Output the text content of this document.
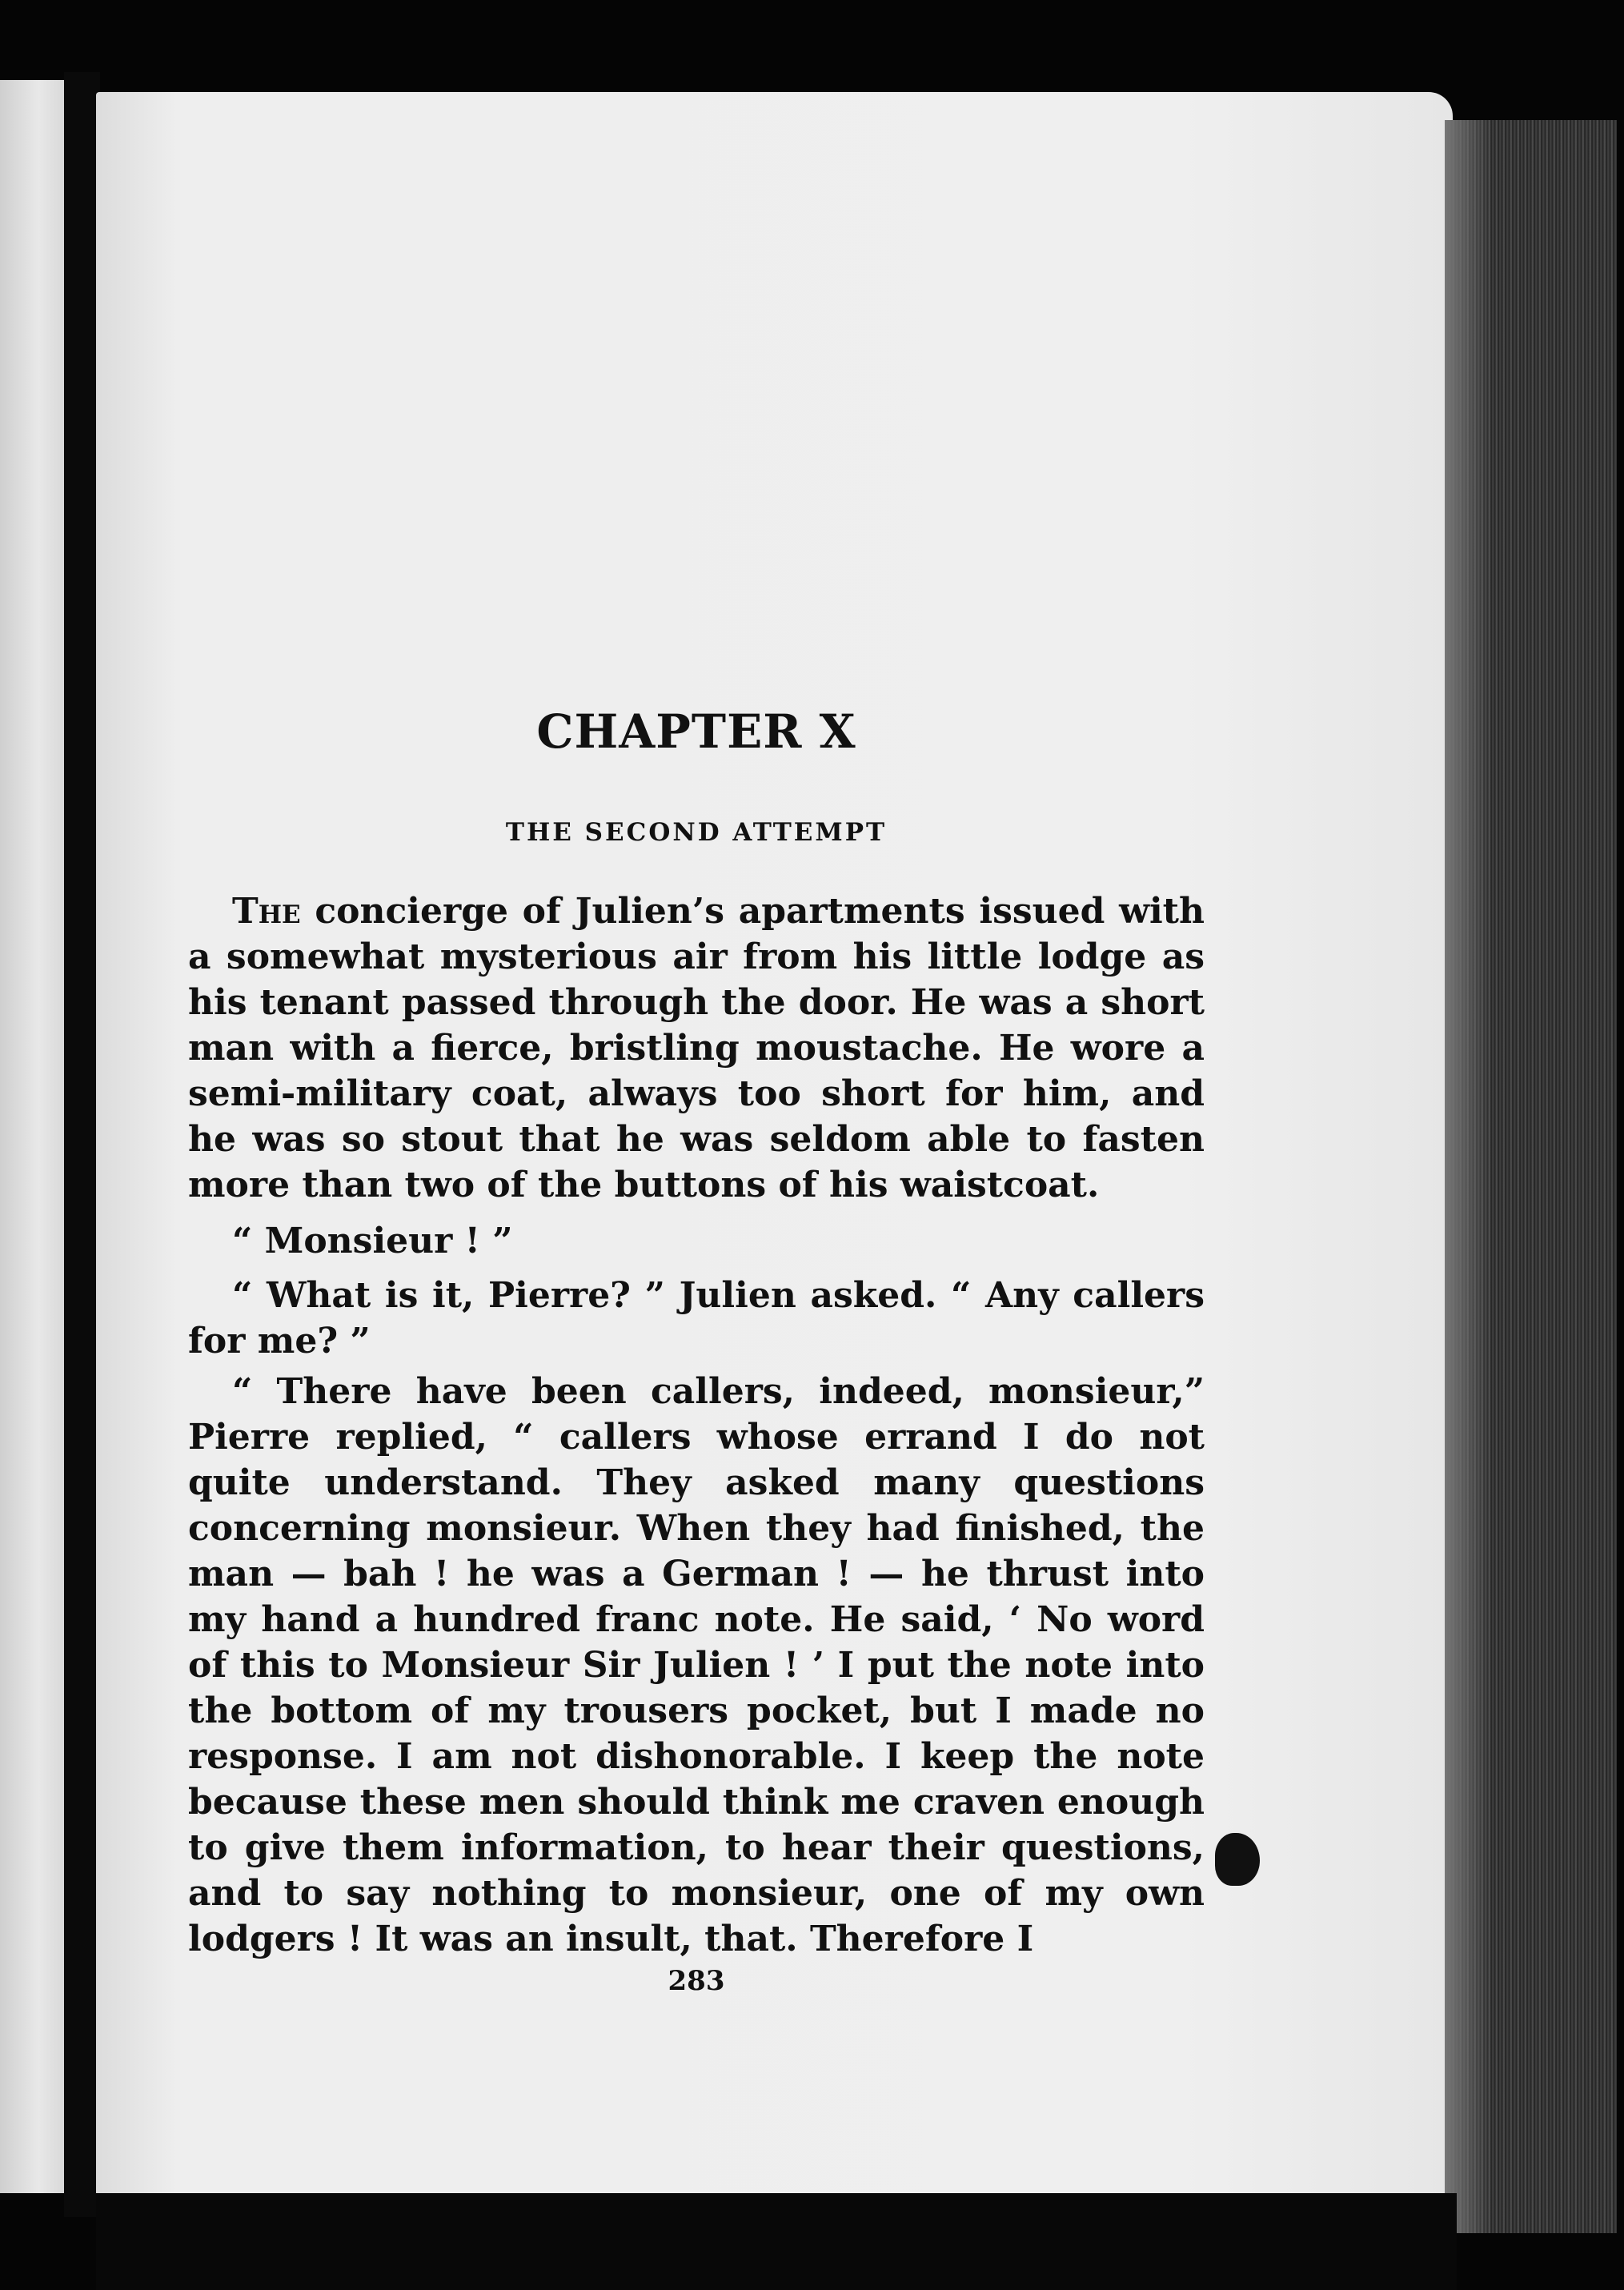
CHAPTER X
THE SECOND ATTEMPT

The concierge of Julien’s apartments issued with a somewhat mysterious air from his little lodge as his tenant passed through the door. He was a short man with a fierce, bristling moustache. He wore a semi-military coat, always too short for him, and he was so stout that he was seldom able to fasten more than two of the buttons of his waistcoat.

“ Monsieur ! ”

“ What is it, Pierre? ” Julien asked. “ Any callers for me? ”

“ There have been callers, indeed, monsieur,” Pierre replied, “ callers whose errand I do not quite understand. They asked many questions concerning monsieur. When they had finished, the man — bah ! he was a German ! — he thrust into my hand a hundred franc note. He said, ‘ No word of this to Monsieur Sir Julien ! ’ I put the note into the bottom of my trousers pocket, but I made no response. I am not dishonorable. I keep the note because these men should think me craven enough to give them information, to hear their questions, and to say nothing to monsieur, one of my own lodgers ! It was an insult, that. Therefore I

283
